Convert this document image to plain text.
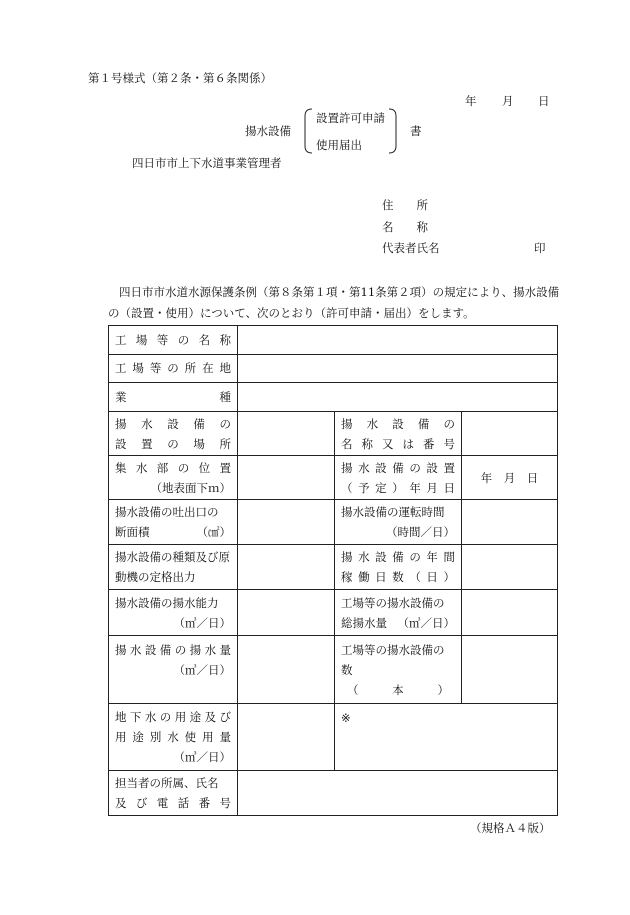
第１号様式（第２条・第６条関係）
年 月 日
揚水設備
設置許可申請
使用届出
書
四日市市上下水道事業管理者
住　　所
名　　称
代表者氏名	印
四日市市水道水源保護条例（第８条第１項・第11条第２項）の規定により、揚水設備
の（設置・使用）について、次のとおり（許可申請・届出）をします。
工場等の名称			

工場等の所在地			

業 種			

揚水設備の
設置の場所		揚水設備の
名称又は番号	

集水部の位置
（地表面下ｍ）		揚水設備の設置
（予定）年月日	年　月　日

揚水設備の吐出口の
断面積 （㎠）		揚水設備の運転時間
（時間／日）	

揚水設備の種類及び原
動機の定格出力		揚水設備の年間
稼働日数（日）	

揚水設備の揚水能力
（㎥／日）		工場等の揚水設備の
総揚水量 （㎥／日）	

揚水設備の揚水量
（㎥／日）		工場等の揚水設備の数
（ 本 ）	

地下水の用途及び
用途別水使用量
（㎥／日）		※	

担当者の所属、氏名
及び電話番号			

（規格Ａ４版）
